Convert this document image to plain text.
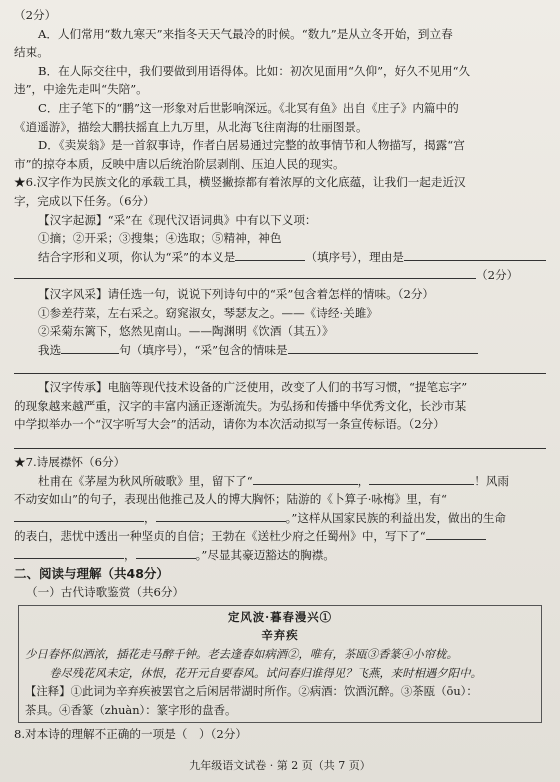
（2分）
A．人们常用“数九寒天”来指冬天天气最冷的时候。“数九”是从立冬开始，到立春
结束。
B．在人际交往中，我们要做到用语得体。比如：初次见面用“久仰”，好久不见用“久
违”，中途先走叫“失陪”。
C．庄子笔下的“鹏”这一形象对后世影响深远。《北冥有鱼》出自《庄子》内篇中的
《逍遥游》，描绘大鹏扶摇直上九万里，从北海飞往南海的壮丽图景。
D．《卖炭翁》是一首叙事诗，作者白居易通过完整的故事情节和人物描写，揭露“宫
市”的掠夺本质，反映中唐以后统治阶层剥削、压迫人民的现实。
★6.汉字作为民族文化的承载工具，横竖撇捺都有着浓厚的文化底蕴，让我们一起走近汉
字，完成以下任务。（6分）
【汉字起源】“采”在《现代汉语词典》中有以下义项：
①摘；②开采；③搜集；④选取；⑤精神，神色
结合字形和义项，你认为“采”的本义是	（填序号），理由是
（2分）
【汉字风采】请任选一句，说说下列诗句中的“采”包含着怎样的情味。（2分）
①参差荇菜，左右采之。窈窕淑女，琴瑟友之。——《诗经·关雎》
②采菊东篱下，悠然见南山。——陶渊明《饮酒（其五）》
我选	句（填序号），“采”包含的情味是
【汉字传承】电脑等现代技术设备的广泛使用，改变了人们的书写习惯，“提笔忘字”
的现象越来越严重，汉字的丰富内涵正逐渐流失。为弘扬和传播中华优秀文化，长沙市某
中学拟举办一个“汉字听写大会”的活动，请你为本次活动拟写一条宣传标语。（2分）
★7.诗展襟怀（6分）
杜甫在《茅屋为秋风所破歌》里，留下了“	，	！风雨
不动安如山”的句子，表现出他推己及人的博大胸怀；陆游的《卜算子·咏梅》里，有“
，	。”这样从国家民族的利益出发，做出的生命
的表白，悲忧中透出一种坚贞的自信；王勃在《送杜少府之任蜀州》中，写下了“
，	。”尽显其豪迈豁达的胸襟。
二、阅读与理解（共48分）
（一）古代诗歌鉴赏（共6分）
定风波·暮春漫兴①
辛弃疾
少日春怀似酒浓，插花走马醉千钟。老去逢春如病酒②，唯有，茶瓯③香篆④小帘栊。
卷尽残花风未定，休恨，花开元自要春风。试问春归谁得见？飞燕，来时相遇夕阳中。
【注释】①此词为辛弃疾被罢官之后闲居带湖时所作。②病酒：饮酒沉醉。③茶瓯（ōu）：
茶具。④香篆（zhuàn）：篆字形的盘香。
8.对本诗的理解不正确的一项是（　）（2分）
九年级语文试卷 · 第 2 页（共 7 页）
